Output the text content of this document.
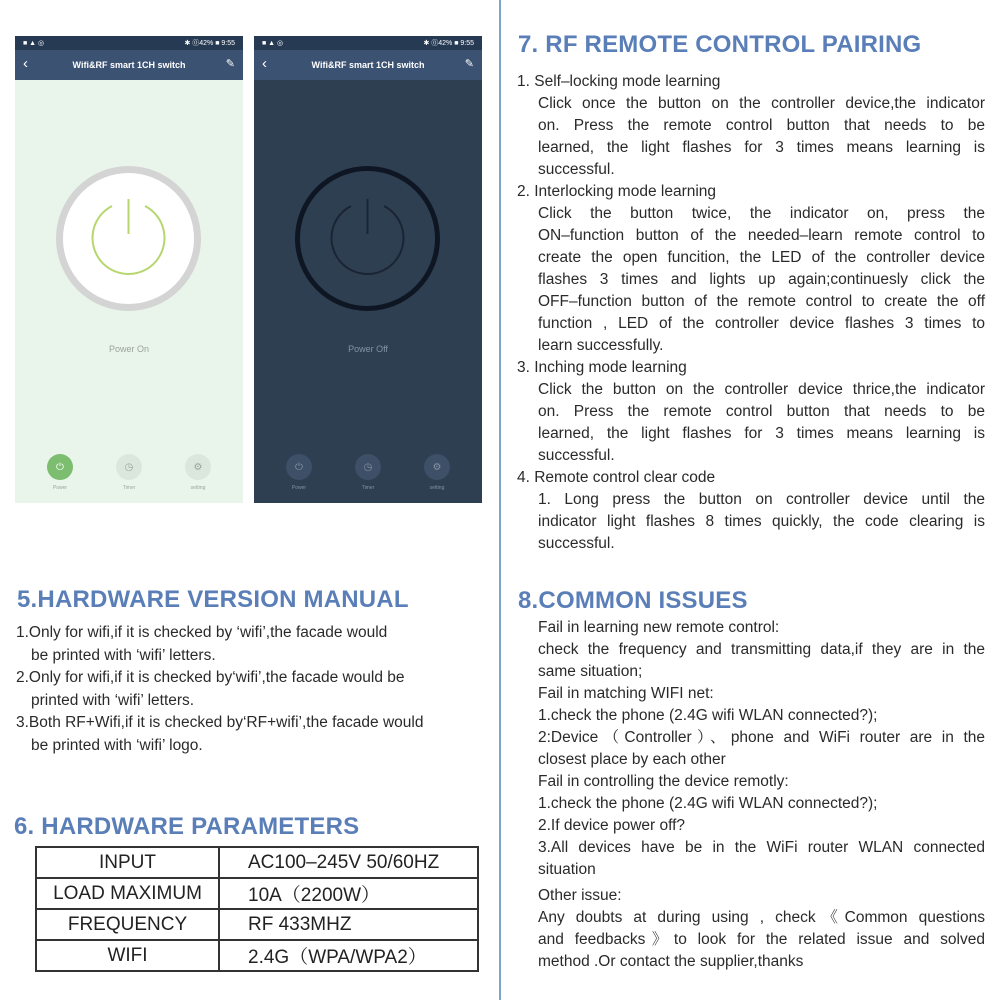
■ ▲ ◎	✱ ⓪42% ■ 9:55
‹	Wifi&RF smart 1CH switch	✎
Power On
⏻
Power
◷
Timer
⚙
setting
■ ▲ ◎	✱ ⓪42% ■ 9:55
‹	Wifi&RF smart 1CH switch	✎
Power Off
⏻
Power
◷
Timer
⚙
setting
7. RF REMOTE CONTROL PAIRING
1. Self–locking mode learning
Click once the button on the controller device,the indicator
on. Press the remote control button that needs to be
learned, the light flashes for 3 times means learning is
successful.
2. Interlocking mode learning
Click the button twice, the indicator on, press the
ON–function button of the needed–learn remote control to
create the open funcition, the LED of the controller device
flashes 3 times and lights up again;continuesly click the
OFF–function button of the remote control to create the off
function , LED of the controller device flashes 3 times to
learn successfully.
3. Inching mode learning
Click the button on the controller device thrice,the indicator
on. Press the remote control button that needs to be
learned, the light flashes for 3 times means learning is
successful.
4. Remote control clear code
1. Long press the button on controller device until the
indicator light flashes 8 times quickly, the code clearing is
successful.
5.HARDWARE VERSION MANUAL
1.Only for wifi,if it is checked by ‘wifi’,the facade would
be printed with ‘wifi’ letters.
2.Only for wifi,if it is checked by‘wifi’,the facade would be
printed with ‘wifi’ letters.
3.Both RF+Wifi,if it is checked by‘RF+wifi’,the facade would
be printed with ‘wifi’ logo.
6. HARDWARE PARAMETERS
INPUT	AC100–245V 50/60HZ
LOAD MAXIMUM	10A（2200W）
FREQUENCY	RF 433MHZ
WIFI	2.4G（WPA/WPA2）
8.COMMON ISSUES
Fail in learning new remote control:
check the frequency and transmitting data,if they are in the
same situation;
Fail in matching WIFI net:
1.check the phone (2.4G wifi WLAN connected?);
2:Device（Controller）、phone and WiFi router are in the
closest place by each other
Fail in controlling the device remotly:
1.check the phone (2.4G wifi WLAN connected?);
2.If device power off?
3.All devices have be in the WiFi router WLAN connected
situation
Other issue:
Any doubts at during using , check《Common questions
and feedbacks》to look for the related issue and solved
method .Or contact the supplier,thanks
